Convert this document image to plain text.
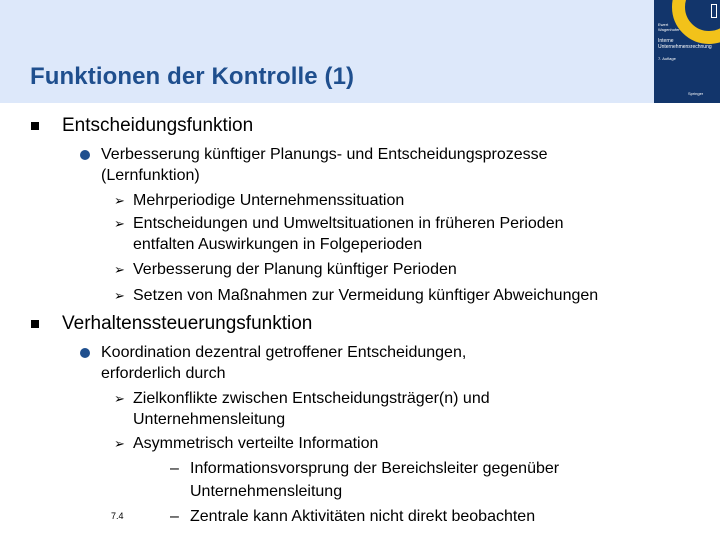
Funktionen der Kontrolle (1)
Ewert
Wagenhofer
Interne
Unternehmensrechnung
7. Auflage
Springer
Entscheidungsfunktion
Verbesserung künftiger Planungs- und Entscheidungsprozesse
(Lernfunktion)
➢ Mehrperiodige Unternehmenssituation
➢ Entscheidungen und Umweltsituationen in früheren Perioden
entfalten Auswirkungen in Folgeperioden
➢ Verbesserung der Planung künftiger Perioden
➢ Setzen von Maßnahmen zur Vermeidung künftiger Abweichungen
Verhaltenssteuerungsfunktion
Koordination dezentral getroffener Entscheidungen,
erforderlich durch
➢ Zielkonflikte zwischen Entscheidungsträger(n) und
Unternehmensleitung
➢ Asymmetrisch verteilte Information
– Informationsvorsprung der Bereichsleiter gegenüber
Unternehmensleitung
– Zentrale kann Aktivitäten nicht direkt beobachten
7.4
